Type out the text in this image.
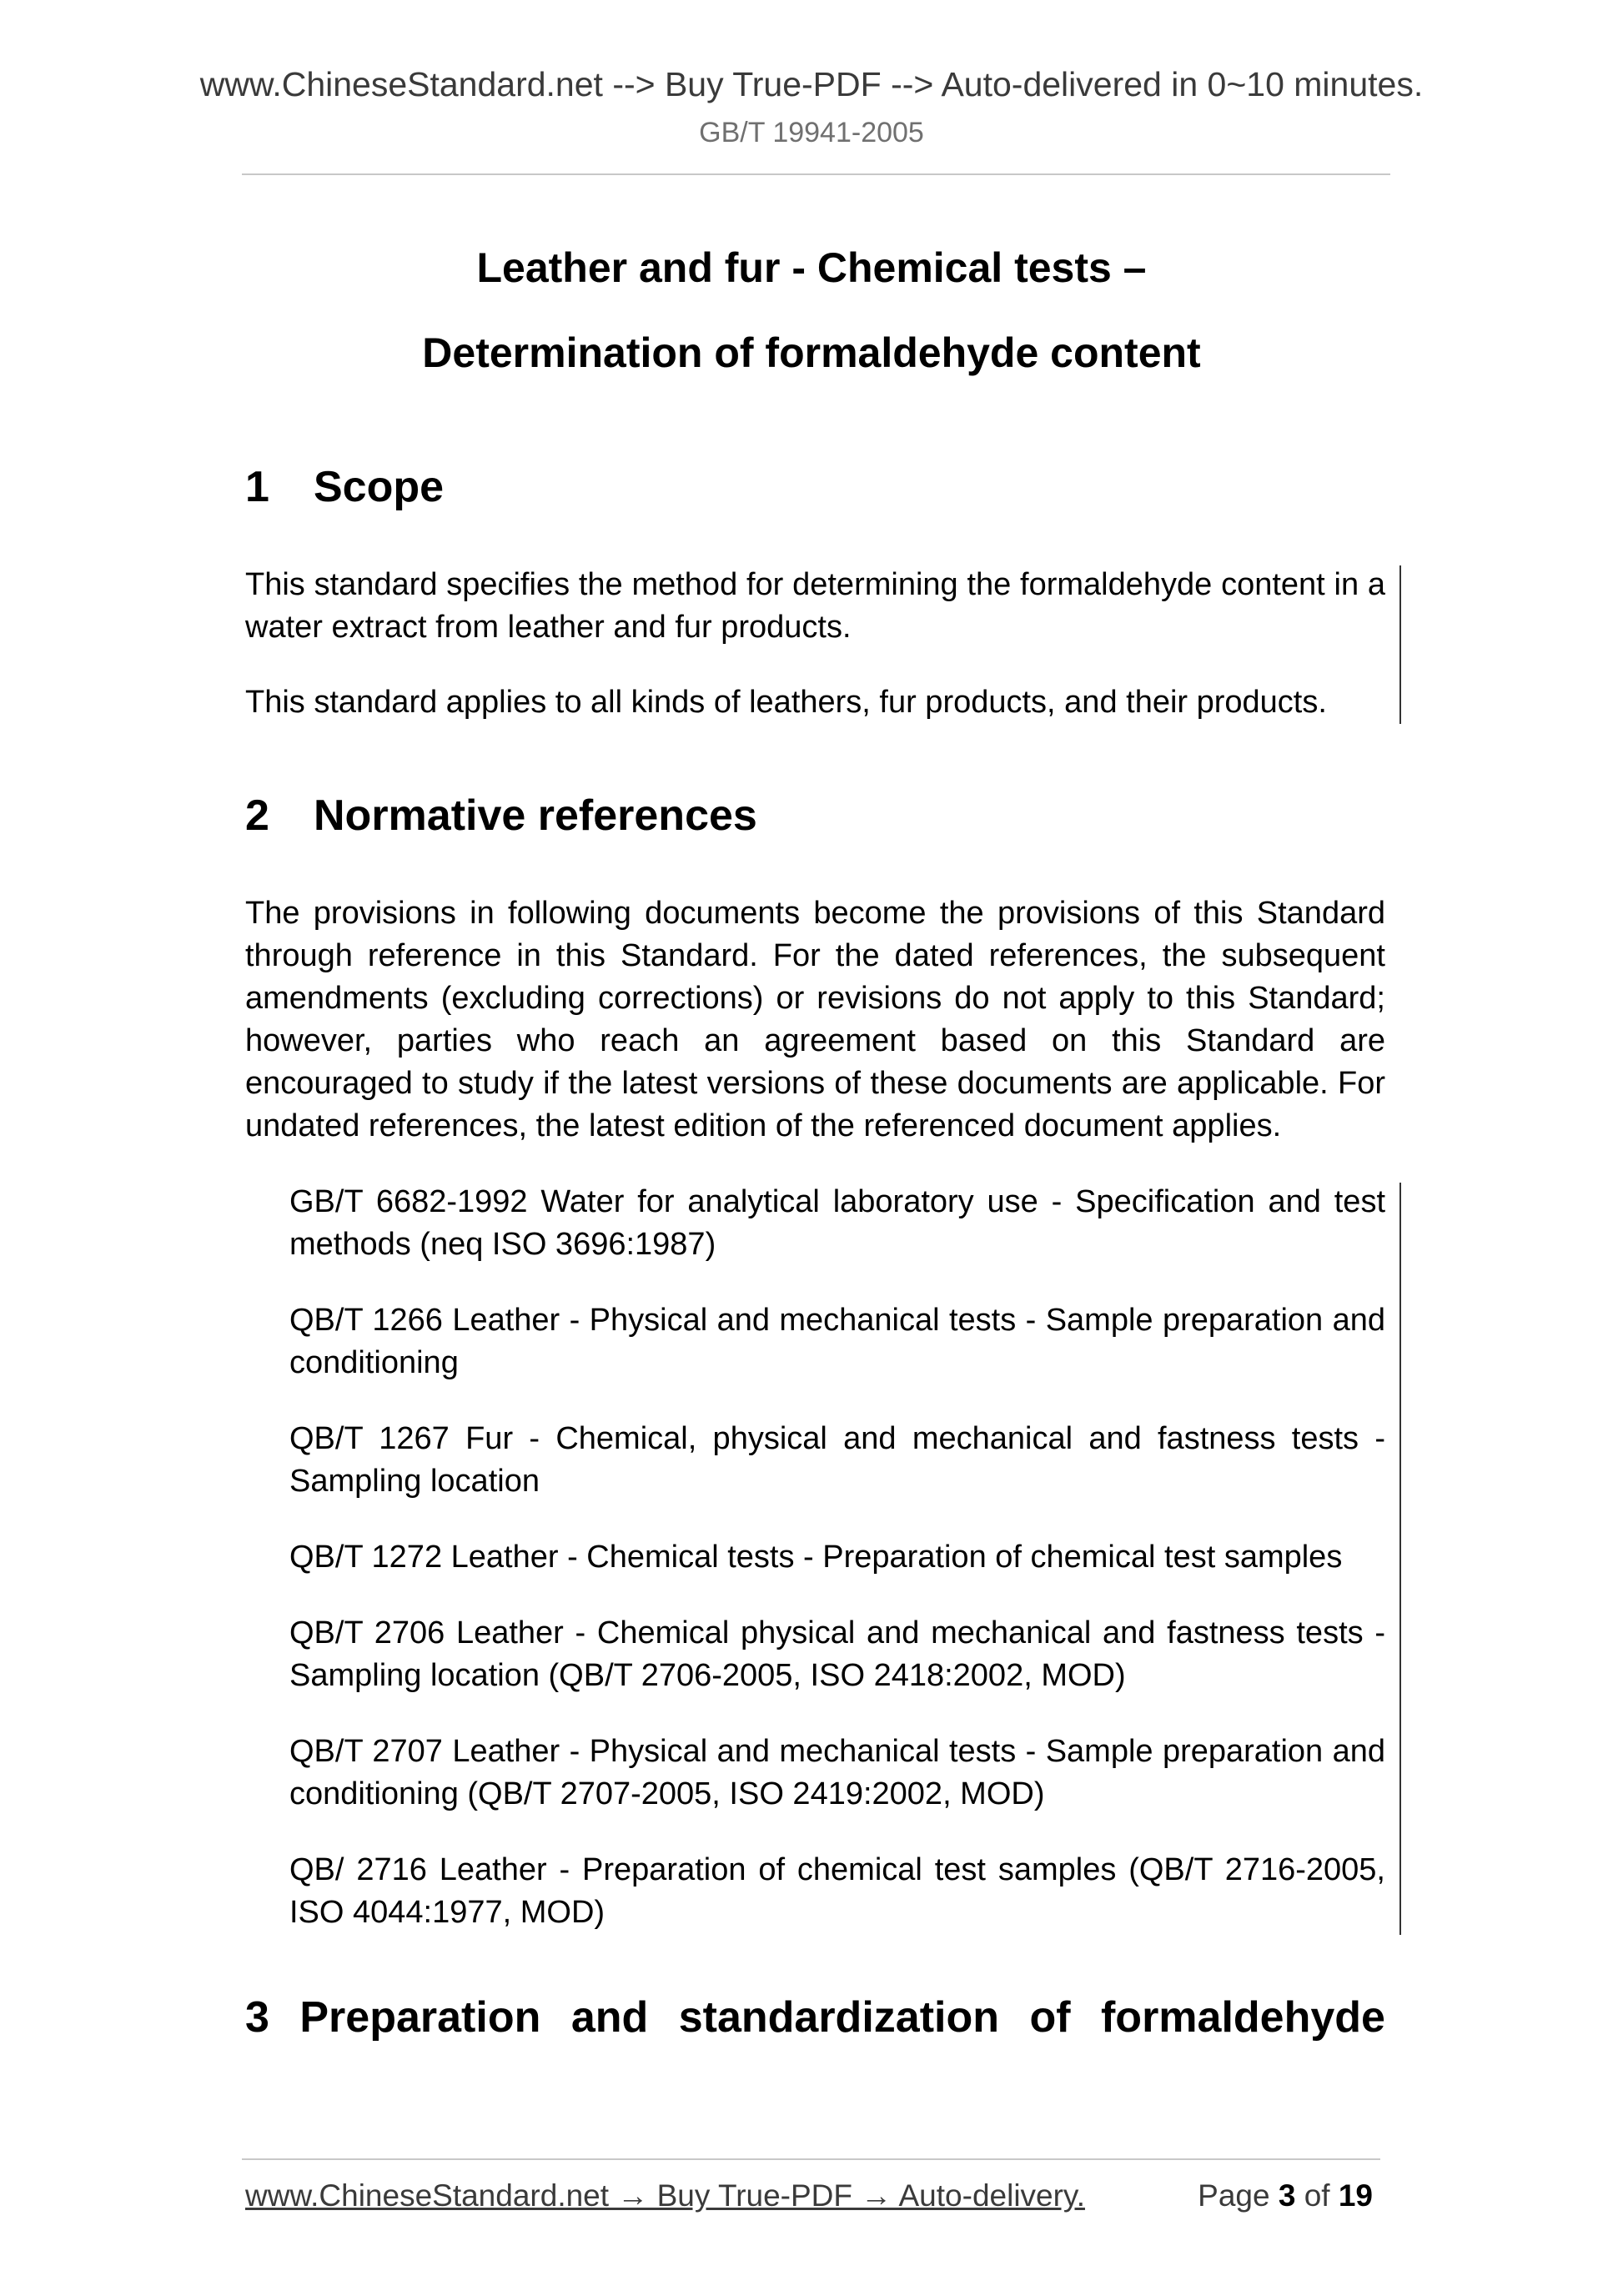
www.ChineseStandard.net --> Buy True-PDF --> Auto-delivered in 0~10 minutes.
GB/T 19941-2005
Leather and fur - Chemical tests –
Determination of formaldehyde content
1 Scope
This standard specifies the method for determining the formaldehyde content in a water extract from leather and fur products.
This standard applies to all kinds of leathers, fur products, and their products.
2 Normative references
The provisions in following documents become the provisions of this Standard through reference in this Standard. For the dated references, the subsequent amendments (excluding corrections) or revisions do not apply to this Standard; however, parties who reach an agreement based on this Standard are encouraged to study if the latest versions of these documents are applicable. For undated references, the latest edition of the referenced document applies.
GB/T 6682-1992 Water for analytical laboratory use - Specification and test methods (neq ISO 3696:1987)
QB/T 1266 Leather - Physical and mechanical tests - Sample preparation and conditioning
QB/T 1267 Fur - Chemical, physical and mechanical and fastness tests - Sampling location
QB/T 1272 Leather - Chemical tests - Preparation of chemical test samples
QB/T 2706 Leather - Chemical physical and mechanical and fastness tests - Sampling location (QB/T 2706-2005, ISO 2418:2002, MOD)
QB/T 2707 Leather - Physical and mechanical tests - Sample preparation and conditioning (QB/T 2707-2005, ISO 2419:2002, MOD)
QB/ 2716 Leather - Preparation of chemical test samples (QB/T 2716-2005, ISO 4044:1977, MOD)
3 Preparation and standardization of formaldehyde
www.ChineseStandard.net → Buy True-PDF → Auto-delivery.	Page 3 of 19
